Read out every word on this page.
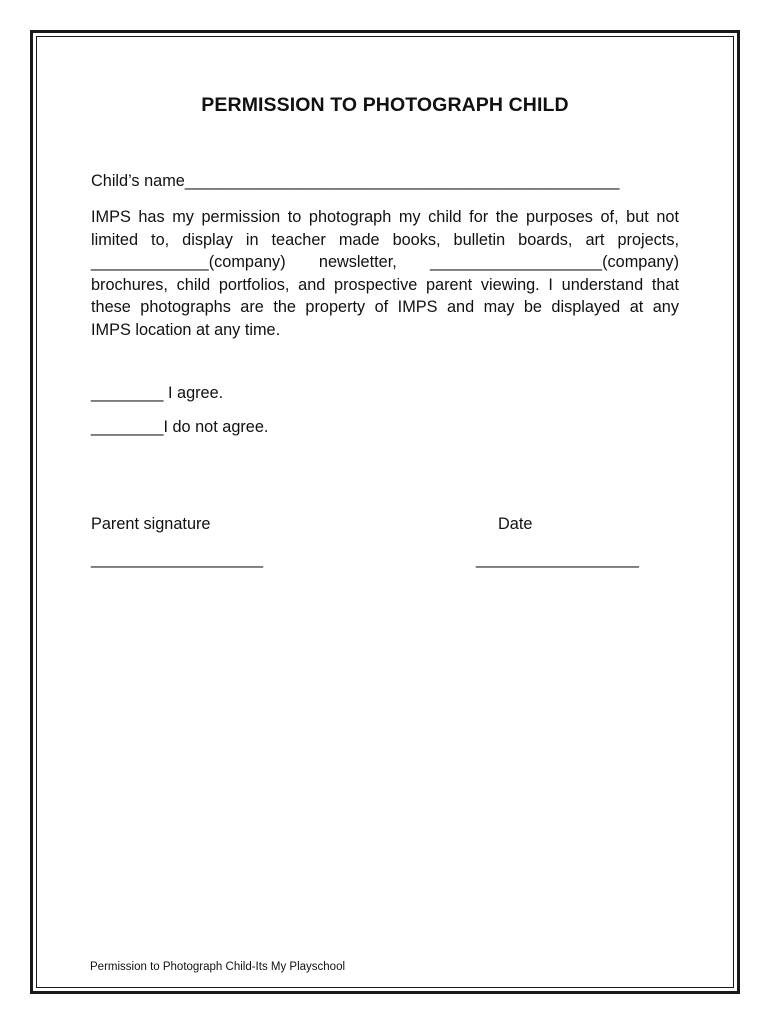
PERMISSION TO PHOTOGRAPH CHILD
Child’s name________________________________________________
IMPS has my permission to photograph my child for the purposes of, but not
limited to, display in teacher made books, bulletin boards, art projects,
_____________(company) newsletter, ___________________(company)
brochures, child portfolios, and prospective parent viewing. I understand that
these photographs are the property of IMPS and may be displayed at any
IMPS location at any time.
________ I agree.
________I do not agree.
Parent signature	Date
___________________	__________________
Permission to Photograph Child-Its My Playschool
